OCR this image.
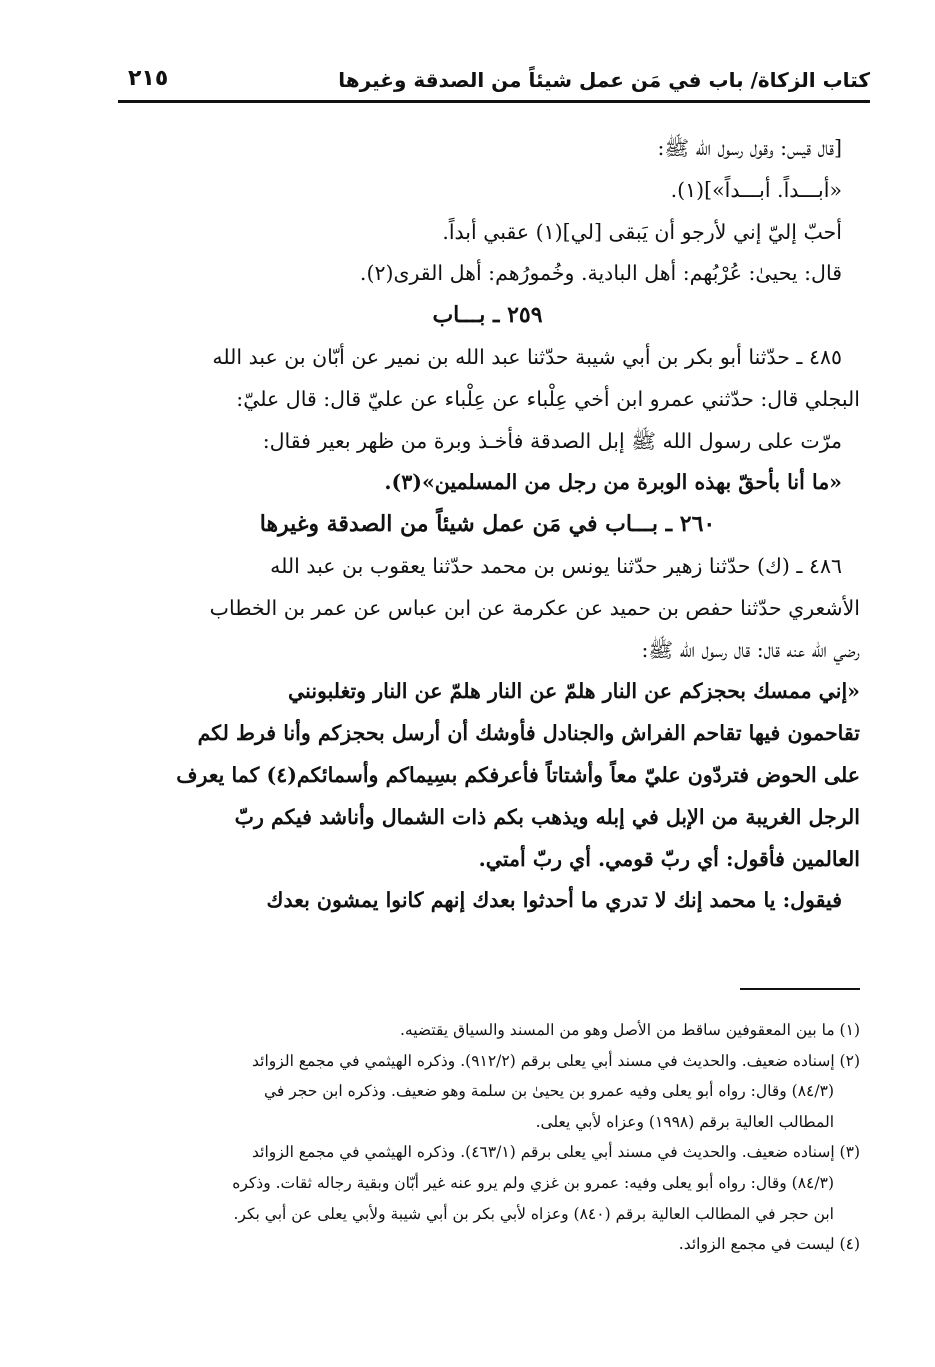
كتاب الزكاة/ باب في مَن عمل شيئاً من الصدقة وغيرها
٢١٥
[قال قيس: وقول رسول الله ﷺ:
«أبـــداً. أبـــداً»](١).
أحبّ إليّ إني لأرجو أن يَبقى [لي](١) عقبي أبداً.
قال: يحيىٰ: عُرْبُهم: أهل البادية. وخُمورُهم: أهل القرى(٢).
٢٥٩ ـ بـــاب
٤٨٥ ـ حدّثنا أبو بكر بن أبي شيبة حدّثنا عبد الله بن نمير عن أبّان بن عبد الله
البجلي قال: حدّثني عمرو ابن أخي عِلْباء عن عِلْباء عن عليّ قال: قال عليّ:
مرّت على رسول الله ﷺ إبل الصدقة فأخـذ وبرة من ظهر بعير فقال:
«ما أنا بأحقّ بهذه الوبرة من رجل من المسلمين»(٣).
٢٦٠ ـ بـــاب في مَن عمل شيئاً من الصدقة وغيرها
٤٨٦ ـ (ك) حدّثنا زهير حدّثنا يونس بن محمد حدّثنا يعقوب بن عبد الله
الأشعري حدّثنا حفص بن حميد عن عكرمة عن ابن عباس عن عمر بن الخطاب
رضي الله عنه قال: قال رسول الله ﷺ:
«إني ممسك بحجزكم عن النار هلمّ عن النار هلمّ عن النار وتغلبونني
تقاحمون فيها تقاحم الفراش والجنادل فأوشك أن أرسل بحجزكم وأنا فرط لكم
على الحوض فتردّون عليّ معاً وأشتاتاً فأعرفكم بسِيماكم وأسمائكم(٤) كما يعرف
الرجل الغريبة من الإبل في إبله ويذهب بكم ذات الشمال وأناشد فيكم ربّ
العالمين فأقول: أي ربّ قومي. أي ربّ أمتي.
فيقول: يا محمد إنك لا تدري ما أحدثوا بعدك إنهم كانوا يمشون بعدك
(١) ما بين المعقوفين ساقط من الأصل وهو من المسند والسياق يقتضيه.
(٢) إسناده ضعيف. والحديث في مسند أبي يعلى برقم (٩١٢/٢). وذكره الهيثمي في مجمع الزوائد
(٨٤/٣) وقال: رواه أبو يعلى وفيه عمرو بن يحيىٰ بن سلمة وهو ضعيف. وذكره ابن حجر في
المطالب العالية برقم (١٩٩٨) وعزاه لأبي يعلى.
(٣) إسناده ضعيف. والحديث في مسند أبي يعلى برقم (٤٦٣/١). وذكره الهيثمي في مجمع الزوائد
(٨٤/٣) وقال: رواه أبو يعلى وفيه: عمرو بن غزي ولم يرو عنه غير أبّان وبقية رجاله ثقات. وذكره
ابن حجر في المطالب العالية برقم (٨٤٠) وعزاه لأبي بكر بن أبي شيبة ولأبي يعلى عن أبي بكر.
(٤) ليست في مجمع الزوائد.
